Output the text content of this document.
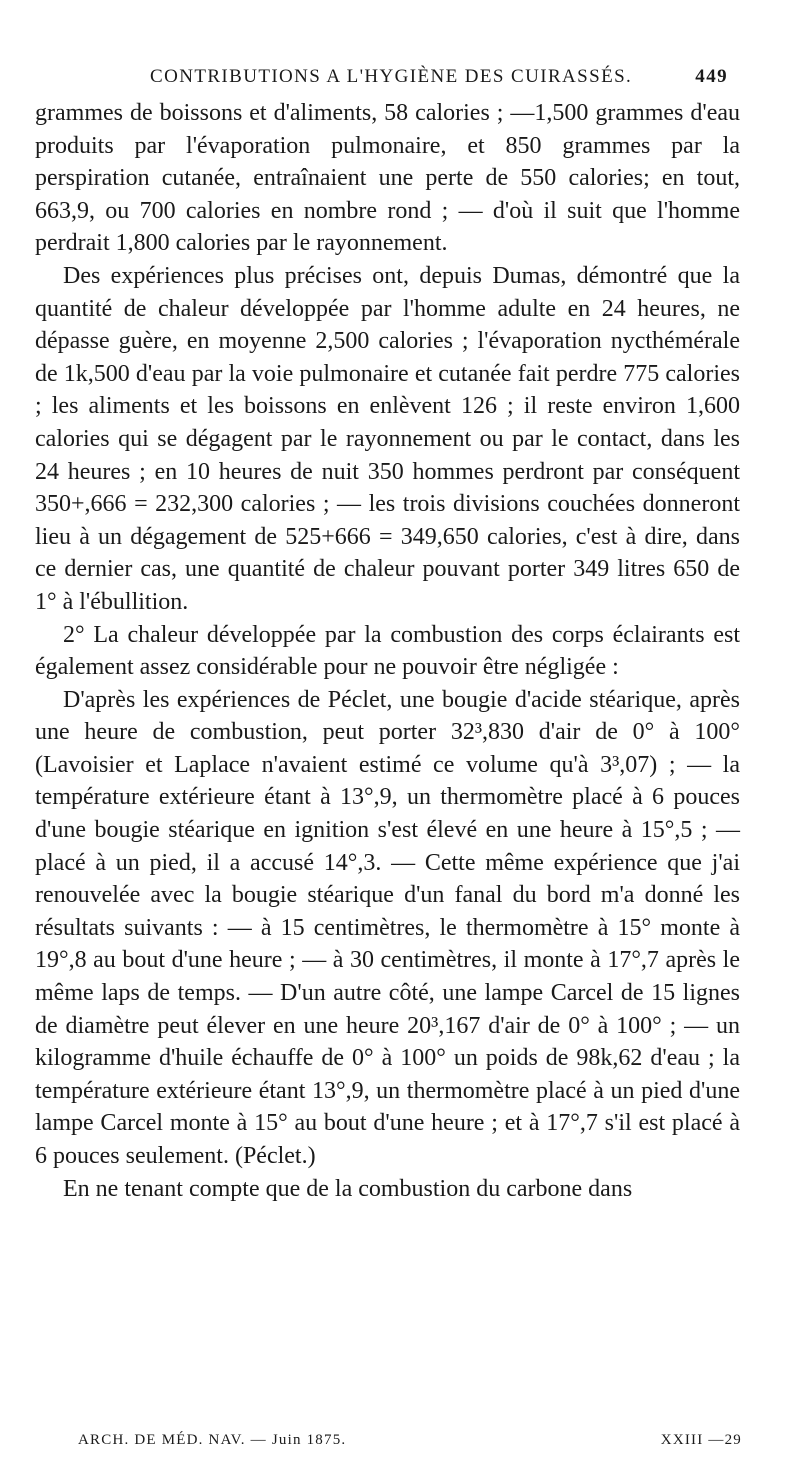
CONTRIBUTIONS A L'HYGIÈNE DES CUIRASSÉS.	449

grammes de boissons et d'aliments, 58 calories ; —1,500 grammes d'eau produits par l'évaporation pulmonaire, et 850 grammes par la perspiration cutanée, entraînaient une perte de 550 calories; en tout, 663,9, ou 700 calories en nombre rond ; — d'où il suit que l'homme perdrait 1,800 calories par le rayonnement.

Des expériences plus précises ont, depuis Dumas, démontré que la quantité de chaleur développée par l'homme adulte en 24 heures, ne dépasse guère, en moyenne 2,500 calories ; l'évaporation nycthémérale de 1k,500 d'eau par la voie pulmonaire et cutanée fait perdre 775 calories ; les aliments et les boissons en enlèvent 126 ; il reste environ 1,600 calories qui se dégagent par le rayonnement ou par le contact, dans les 24 heures ; en 10 heures de nuit 350 hommes perdront par conséquent 350+,666 = 232,300 calories ; — les trois divisions couchées donneront lieu à un dégagement de 525+666 = 349,650 calories, c'est à dire, dans ce dernier cas, une quantité de chaleur pouvant porter 349 litres 650 de 1° à l'ébullition.

2° La chaleur développée par la combustion des corps éclairants est également assez considérable pour ne pouvoir être négligée :

D'après les expériences de Péclet, une bougie d'acide stéarique, après une heure de combustion, peut porter 32³,830 d'air de 0° à 100° (Lavoisier et Laplace n'avaient estimé ce volume qu'à 3³,07) ; — la température extérieure étant à 13°,9, un thermomètre placé à 6 pouces d'une bougie stéarique en ignition s'est élevé en une heure à 15°,5 ; — placé à un pied, il a accusé 14°,3. — Cette même expérience que j'ai renouvelée avec la bougie stéarique d'un fanal du bord m'a donné les résultats suivants : — à 15 centimètres, le thermomètre à 15° monte à 19°,8 au bout d'une heure ; — à 30 centimètres, il monte à 17°,7 après le même laps de temps. — D'un autre côté, une lampe Carcel de 15 lignes de diamètre peut élever en une heure 20³,167 d'air de 0° à 100° ; — un kilogramme d'huile échauffe de 0° à 100° un poids de 98k,62 d'eau ; la température extérieure étant 13°,9, un thermomètre placé à un pied d'une lampe Carcel monte à 15° au bout d'une heure ; et à 17°,7 s'il est placé à 6 pouces seulement. (Péclet.)

En ne tenant compte que de la combustion du carbone dans

ARCH. DE MÉD. NAV. — Juin 1875.	XXIII —29
